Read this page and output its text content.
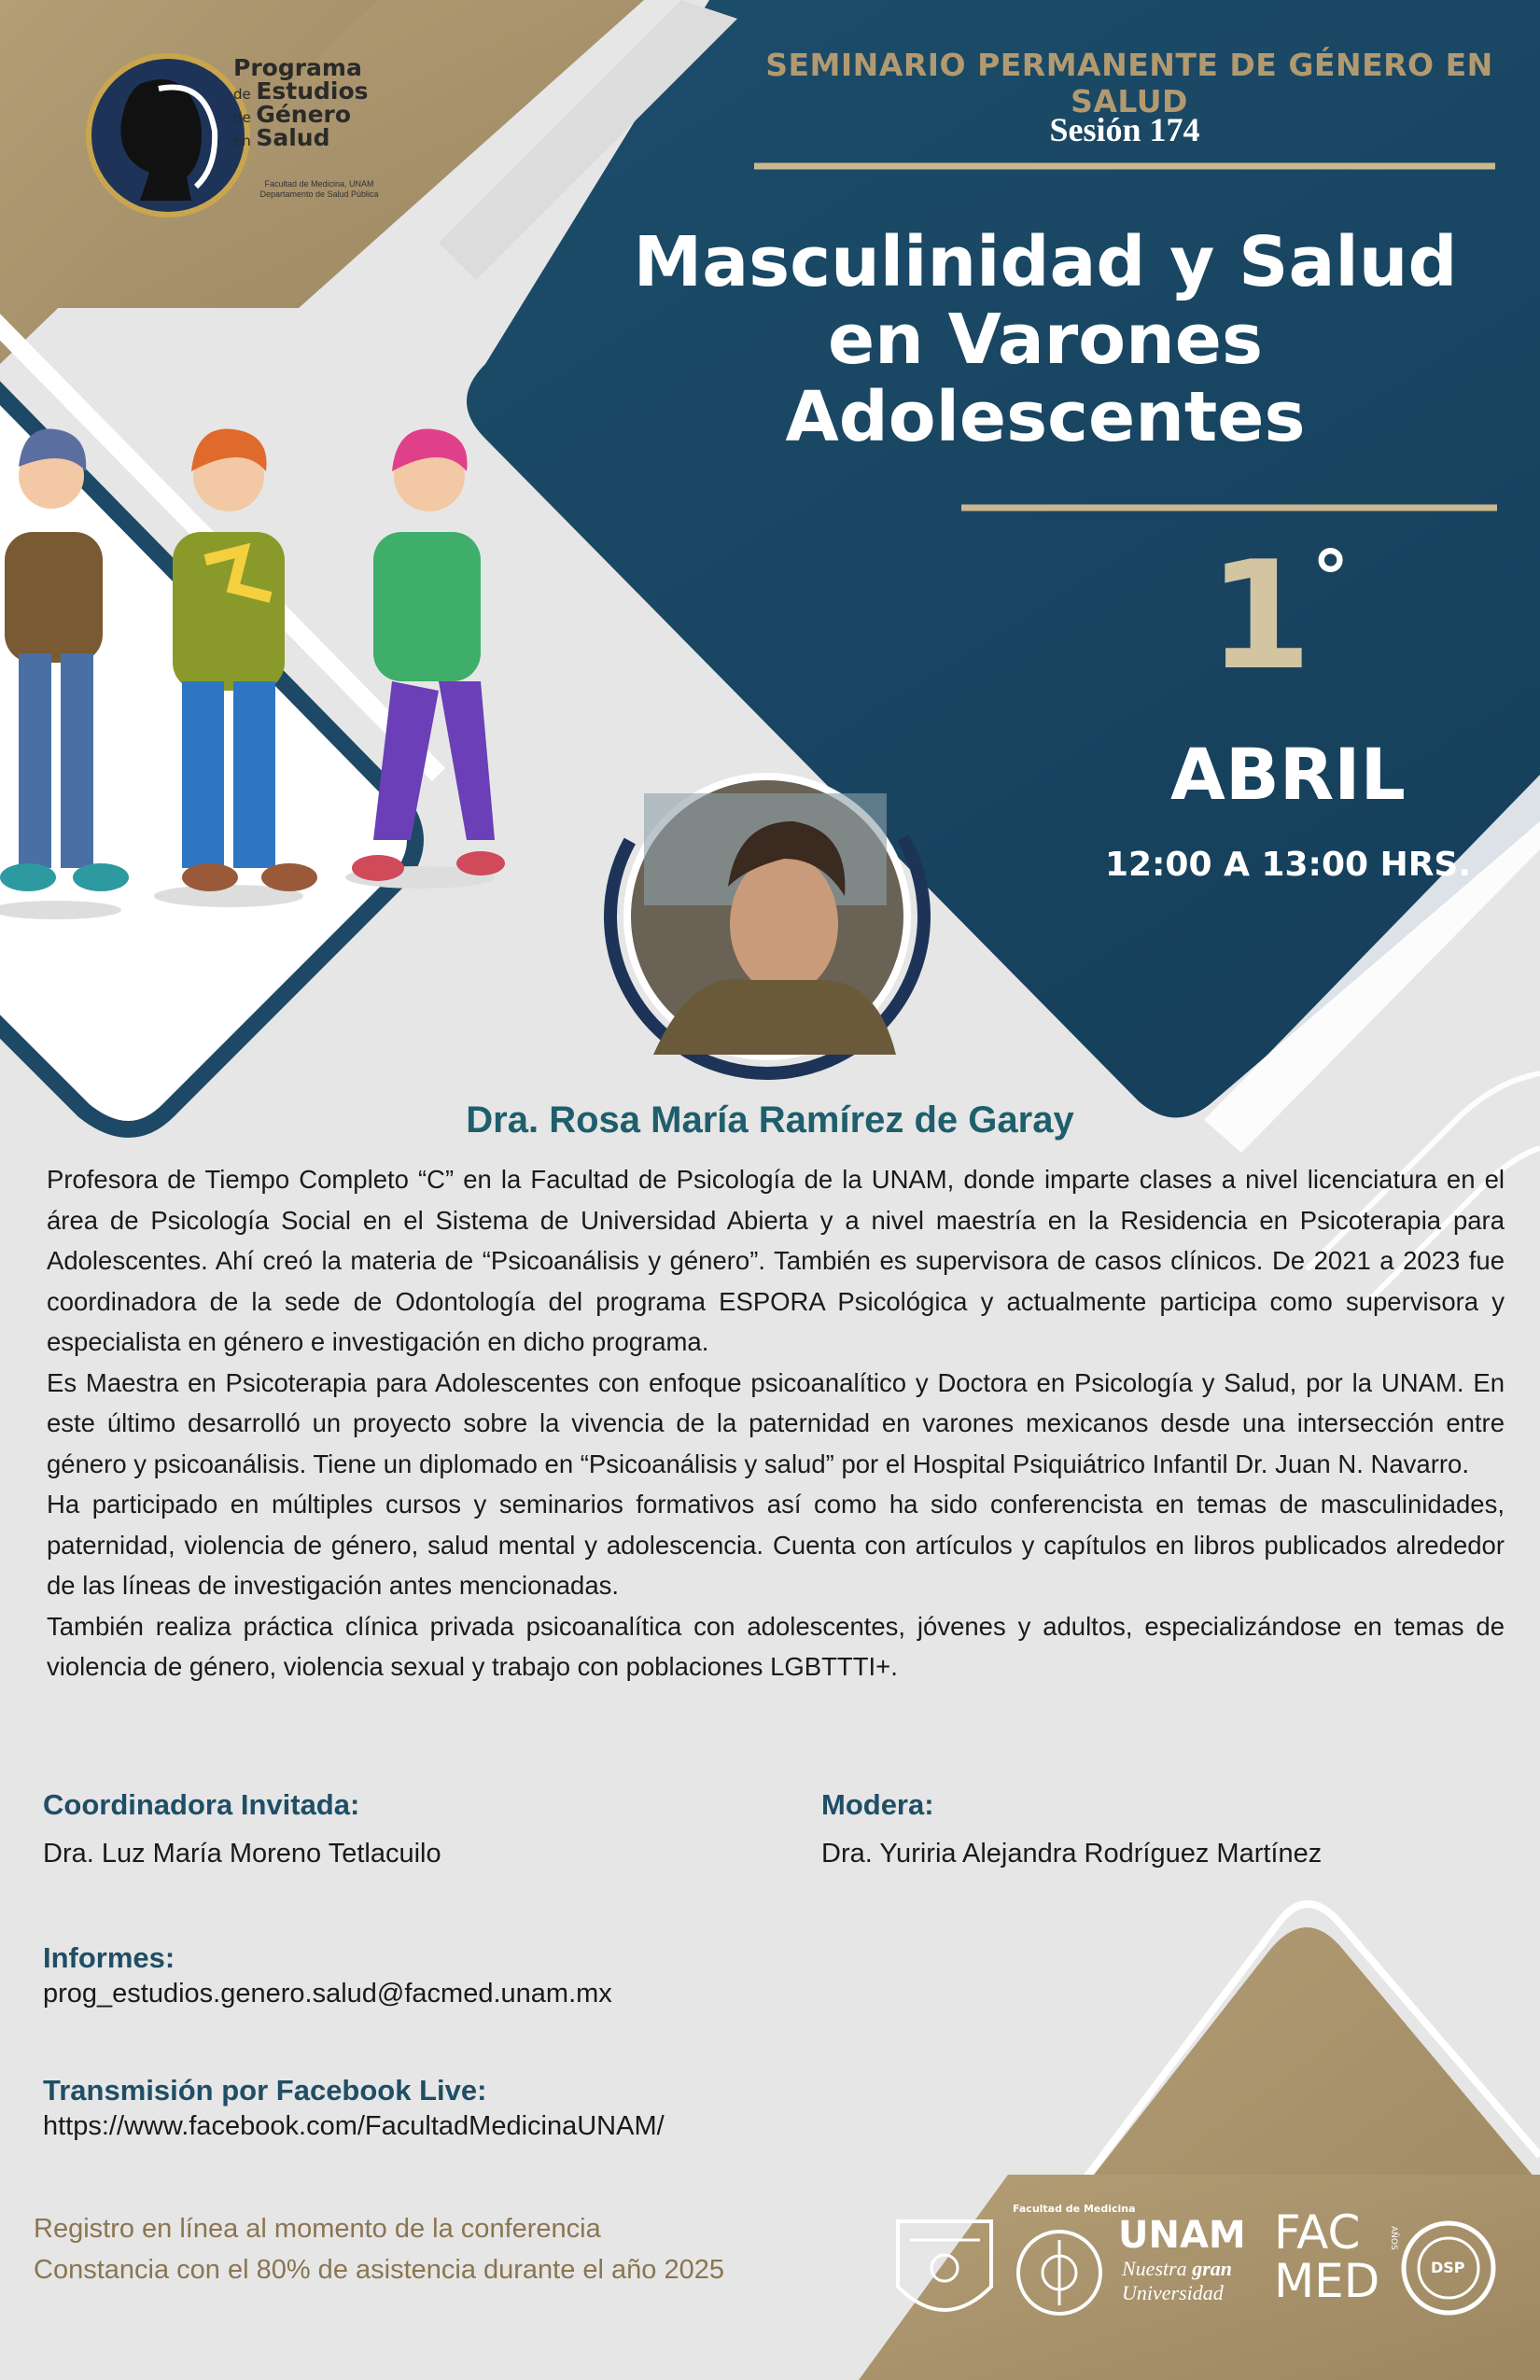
Programa
de Estudios
de Género
en Salud
Facultad de Medicina, UNAM
Departamento de Salud Pública
SEMINARIO PERMANENTE DE GÉNERO EN SALUD
Sesión 174
Masculinidad y Salud
en Varones Adolescentes
1°
ABRIL
12:00 A 13:00 HRS.
Dra. Rosa María Ramírez de Garay

Profesora de Tiempo Completo “C” en la Facultad de Psicología de la UNAM, donde imparte clases a nivel licenciatura en el área de Psicología Social en el Sistema de Universidad Abierta y a nivel maestría en la Residencia en Psicoterapia para Adolescentes. Ahí creó la materia de “Psicoanálisis y género”. También es supervisora de casos clínicos. De 2021 a 2023 fue coordinadora de la sede de Odontología del programa ESPORA Psicológica y actualmente participa como supervisora y especialista en género e investigación en dicho programa.

Es Maestra en Psicoterapia para Adolescentes con enfoque psicoanalítico y Doctora en Psicología y Salud, por la UNAM. En este último desarrolló un proyecto sobre la vivencia de la paternidad en varones mexicanos desde una intersección entre género y psicoanálisis. Tiene un diplomado en “Psicoanálisis y salud” por el Hospital Psiquiátrico Infantil Dr. Juan N. Navarro.

Ha participado en múltiples cursos y seminarios formativos así como ha sido conferencista en temas de masculinidades, paternidad, violencia de género, salud mental y adolescencia. Cuenta con artículos y capítulos en libros publicados alrededor de las líneas de investigación antes mencionadas.

También realiza práctica clínica privada psicoanalítica con adolescentes, jóvenes y adultos, especializándose en temas de violencia de género, violencia sexual y trabajo con poblaciones LGBTTTI+.

Coordinadora Invitada:
Dra. Luz María Moreno Tetlacuilo
Modera:
Dra. Yuriria Alejandra Rodríguez Martínez
Informes:
prog_estudios.genero.salud@facmed.unam.mx
Transmisión por Facebook Live:
https://www.facebook.com/FacultadMedicinaUNAM/
Registro en línea al momento de la conferencia
Constancia con el 80% de asistencia durante el año 2025
Facultad de Medicina
UNAM
Nuestra gran
Universidad
FAC
MED
AÑOS
DSP
